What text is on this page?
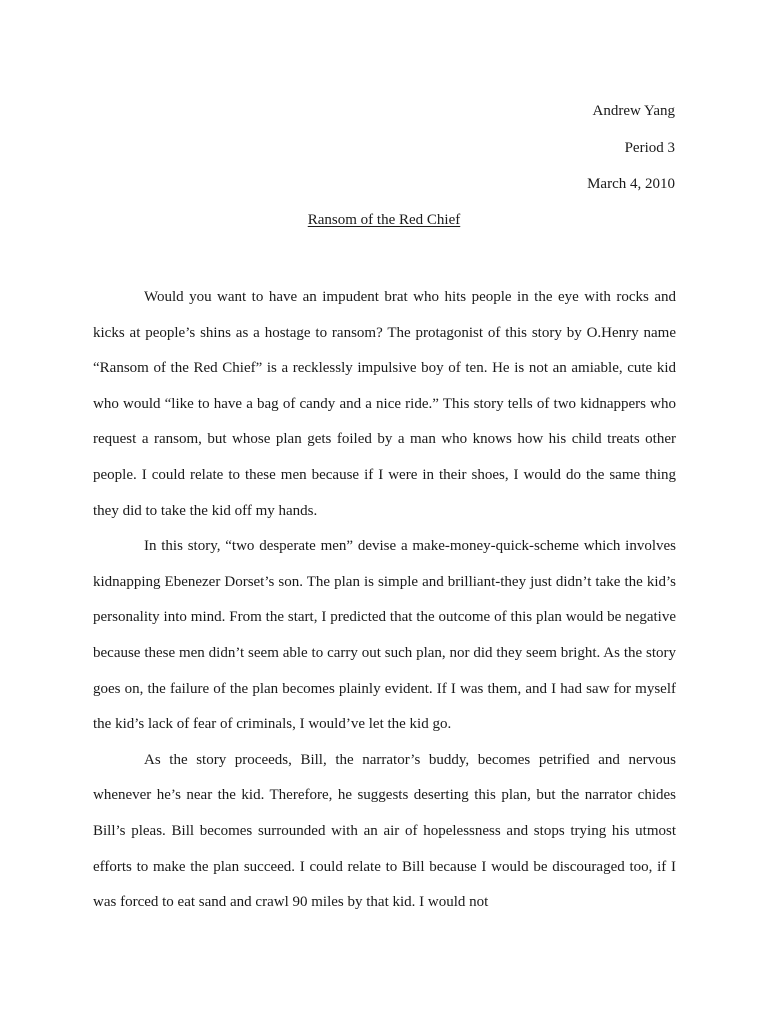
Andrew Yang
Period 3
March 4, 2010
Ransom of the Red Chief

Would you want to have an impudent brat who hits people in the eye with rocks and kicks at people’s shins as a hostage to ransom? The protagonist of this story by O.Henry name “Ransom of the Red Chief” is a recklessly impulsive boy of ten. He is not an amiable, cute kid who would “like to have a bag of candy and a nice ride.” This story tells of two kidnappers who request a ransom, but whose plan gets foiled by a man who knows how his child treats other people. I could relate to these men because if I were in their shoes, I would do the same thing they did to take the kid off my hands.

In this story, “two desperate men” devise a make-money-quick-scheme which involves kidnapping Ebenezer Dorset’s son. The plan is simple and brilliant-they just didn’t take the kid’s personality into mind. From the start, I predicted that the outcome of this plan would be negative because these men didn’t seem able to carry out such plan, nor did they seem bright. As the story goes on, the failure of the plan becomes plainly evident. If I was them, and I had saw for myself the kid’s lack of fear of criminals, I would’ve let the kid go.

As the story proceeds, Bill, the narrator’s buddy, becomes petrified and nervous whenever he’s near the kid. Therefore, he suggests deserting this plan, but the narrator chides Bill’s pleas. Bill becomes surrounded with an air of hopelessness and stops trying his utmost efforts to make the plan succeed. I could relate to Bill because I would be discouraged too, if I was forced to eat sand and crawl 90 miles by that kid. I would not
